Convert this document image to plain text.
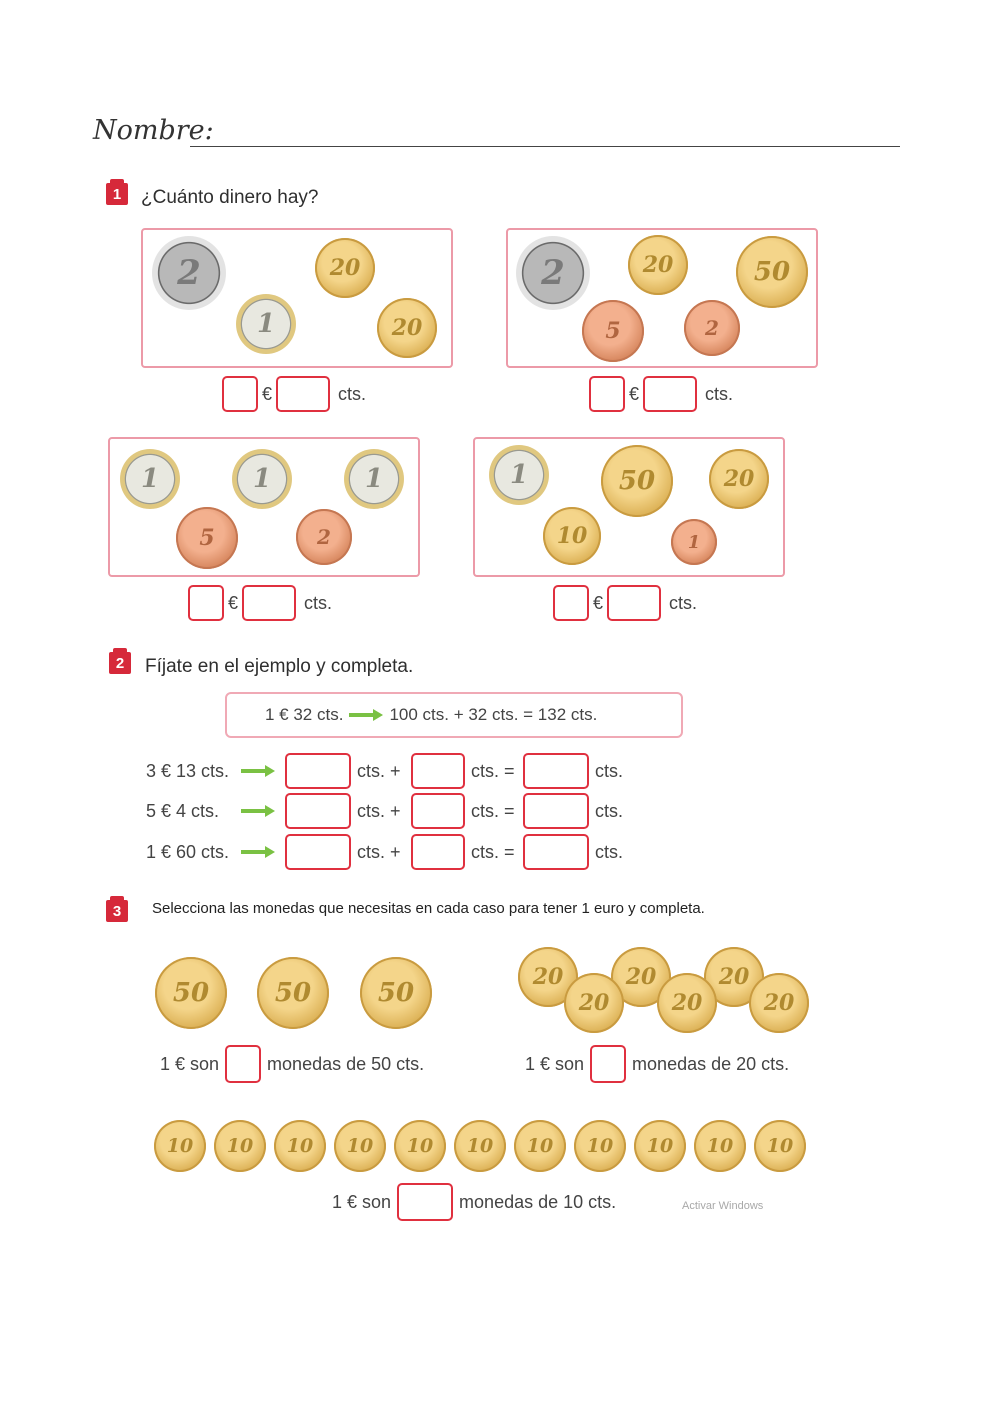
Nombre:
1	¿Cuánto dinero hay?
2
1
20
20
€	cts.
2	20	50
5	2
€	cts.
1	1	1
5	2
€	cts.
1	50	20
10	1
€	cts.
2	Fíjate en el ejemplo y completa.
1 € 32 cts.	100 cts. + 32 cts. = 132 cts.
3 € 13 cts.	cts. +	cts. =	cts.
5 € 4 cts.	cts. +	cts. =	cts.
1 € 60 cts.	cts. +	cts. =	cts.
3	Selecciona las monedas que necesitas en cada caso para tener 1 euro y completa.
50	50	50
1 € son	monedas de 50 cts.
20	20	20
20	20	20
1 € son	monedas de 20 cts.
10	10	10	10	10	10	10	10	10	10	10
1 € son	monedas de 10 cts.	Activar Windows
